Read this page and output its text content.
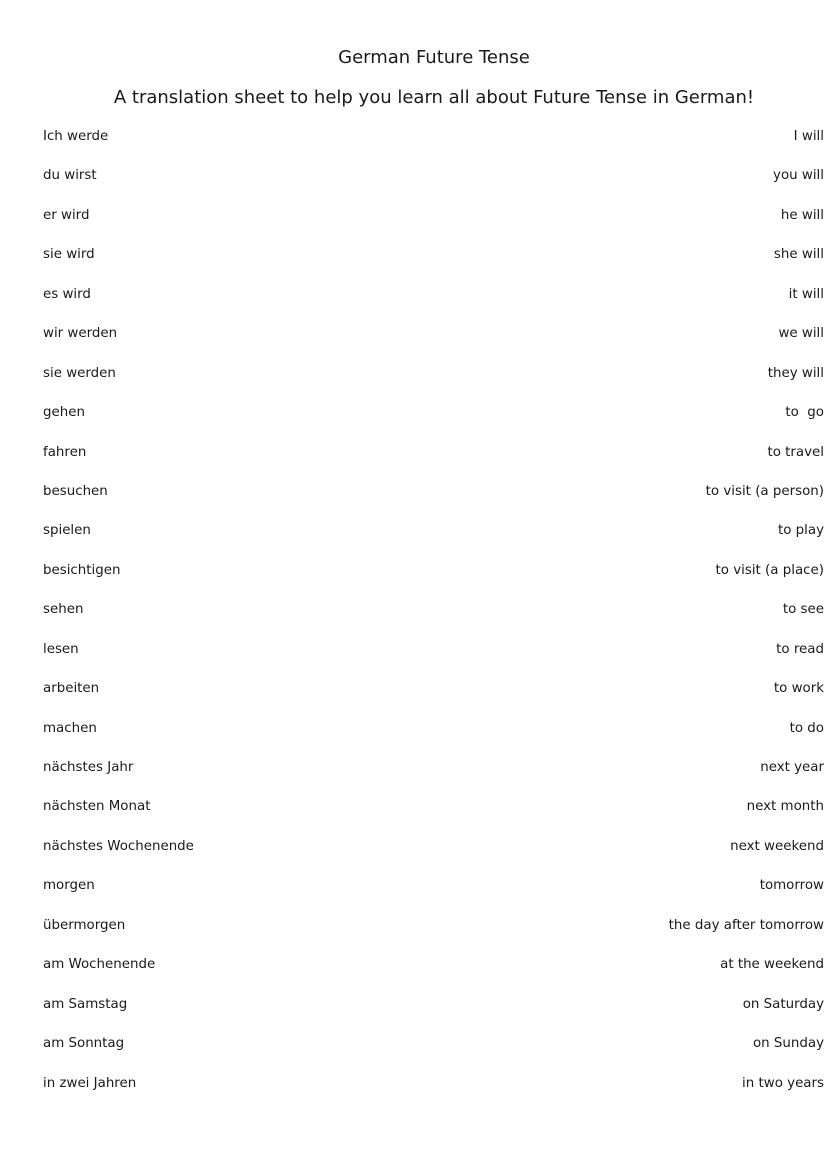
German Future Tense
A translation sheet to help you learn all about Future Tense in German!
Ich werde	I will
du wirst	you will
er wird	he will
sie wird	she will
es wird	it will
wir werden	we will
sie werden	they will
gehen	to  go
fahren	to travel
besuchen	to visit (a person)
spielen	to play
besichtigen	to visit (a place)
sehen	to see
lesen	to read
arbeiten	to work
machen	to do
nächstes Jahr	next year
nächsten Monat	next month
nächstes Wochenende	next weekend
morgen	tomorrow
übermorgen	the day after tomorrow
am Wochenende	at the weekend
am Samstag	on Saturday
am Sonntag	on Sunday
in zwei Jahren	in two years
